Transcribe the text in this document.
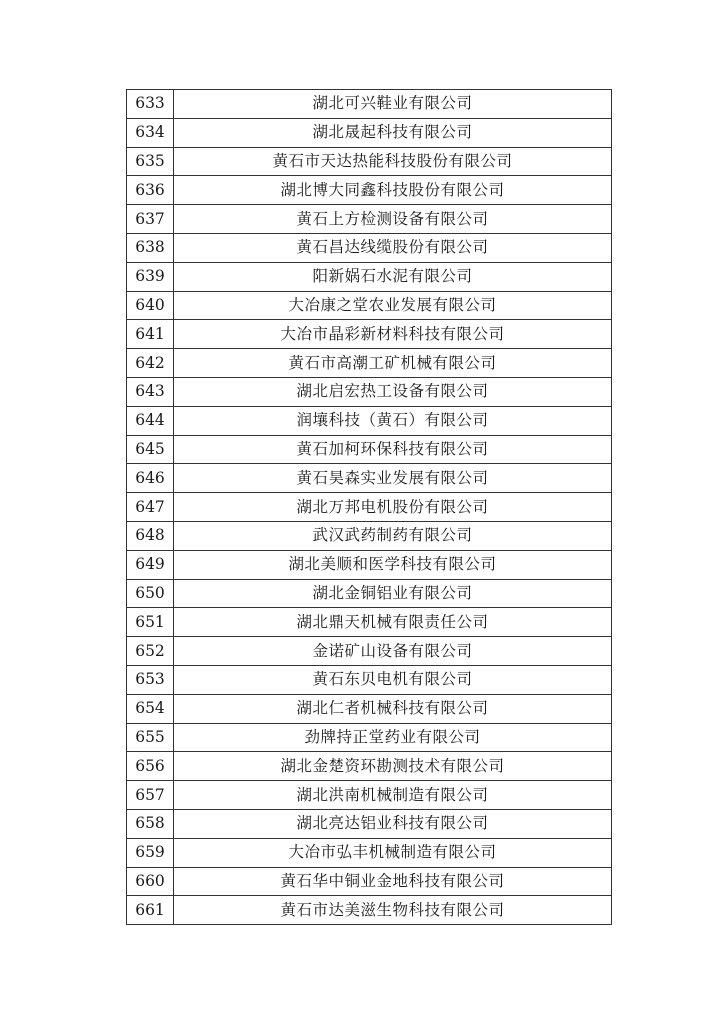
633	湖北可兴鞋业有限公司
634	湖北晟起科技有限公司
635	黄石市天达热能科技股份有限公司
636	湖北博大同鑫科技股份有限公司
637	黄石上方检测设备有限公司
638	黄石昌达线缆股份有限公司
639	阳新娲石水泥有限公司
640	大冶康之堂农业发展有限公司
641	大冶市晶彩新材料科技有限公司
642	黄石市高潮工矿机械有限公司
643	湖北启宏热工设备有限公司
644	润壤科技（黄石）有限公司
645	黄石加柯环保科技有限公司
646	黄石昊森实业发展有限公司
647	湖北万邦电机股份有限公司
648	武汉武药制药有限公司
649	湖北美顺和医学科技有限公司
650	湖北金铜铝业有限公司
651	湖北鼎天机械有限责任公司
652	金诺矿山设备有限公司
653	黄石东贝电机有限公司
654	湖北仁者机械科技有限公司
655	劲牌持正堂药业有限公司
656	湖北金楚资环勘测技术有限公司
657	湖北洪南机械制造有限公司
658	湖北亮达铝业科技有限公司
659	大冶市弘丰机械制造有限公司
660	黄石华中铜业金地科技有限公司
661	黄石市达美滋生物科技有限公司
